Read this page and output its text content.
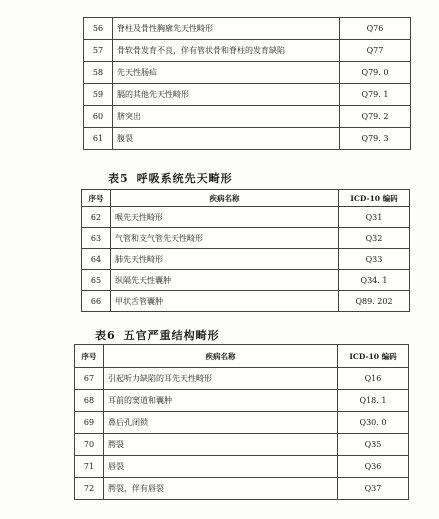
56	脊柱及骨性胸廓先天性畸形	Q76
57	骨软骨发育不良，伴有管状骨和脊柱的发育缺陷	Q77
58	先天性肠疝	Q79. 0
59	膈的其他先天性畸形	Q79. 1
60	脐突出	Q79. 2
61	腹裂	Q79. 3
表5 呼吸系统先天畸形
序号	疾病名称	ICD-10 编码
62	喉先天性畸形	Q31
63	气管和支气管先天性畸形	Q32
64	肺先天性畸形	Q33
65	纵隔先天性囊肿	Q34. 1
66	甲状舌管囊肿	Q89. 202
表6 五官严重结构畸形
序号	疾病名称	ICD-10 编码
67	引起听力缺陷的耳先天性畸形	Q16
68	耳前的窦道和囊肿	Q18. 1
69	鼻后孔闭锁	Q30. 0
70	腭裂	Q35
71	唇裂	Q36
72	腭裂，伴有唇裂	Q37
